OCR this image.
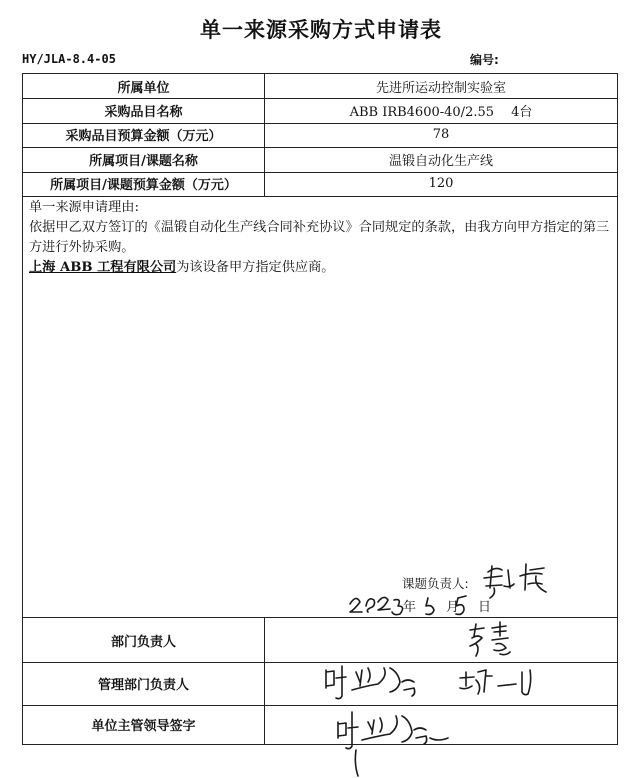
单一来源采购方式申请表
HY/JLA-8.4-05	编号:
所属单位	先进所运动控制实验室
采购品目名称	ABB IRB4600-40/2.55　 4台
采购品目预算金额（万元）	78
所属项目/课题名称	温锻自动化生产线
所属项目/课题预算金额（万元）	120

单一来源申请理由:

依据甲乙双方签订的《温锻自动化生产线合同补充协议》合同规定的条款，由我方向甲方指定的第三方进行外协采购。

上海 ABB 工程有限公司为该设备甲方指定供应商。

部门负责人
管理部门负责人
单位主管领导签字
课题负责人:
年 月 日
